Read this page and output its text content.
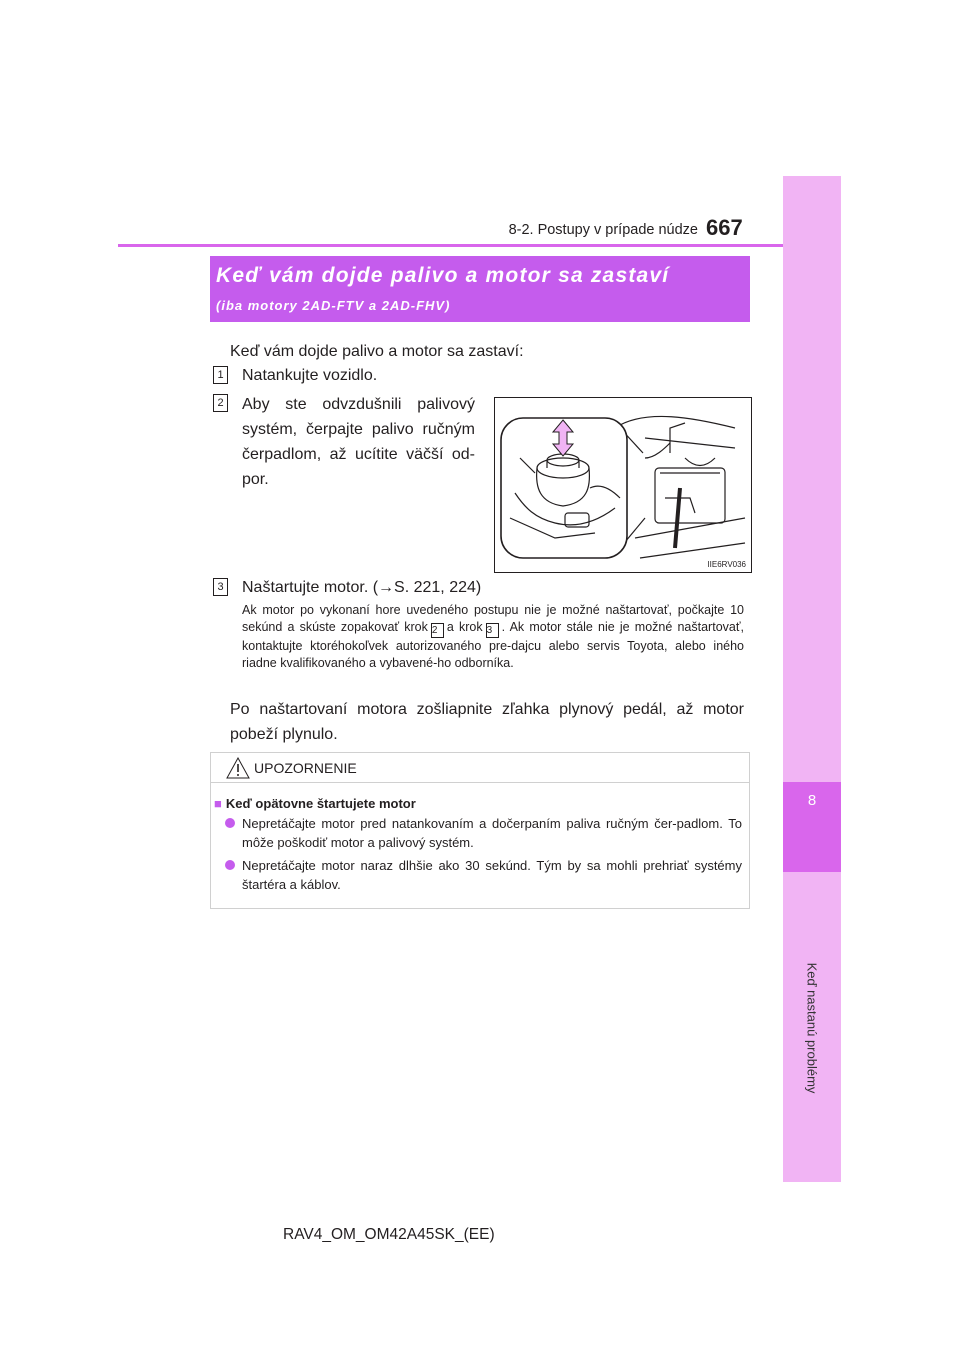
8
Keď nastanú problémy
8-2. Postupy v prípade núdze 667
Keď vám dojde palivo a motor sa zastaví
(iba motory 2AD-FTV a 2AD-FHV)
Keď vám dojde palivo a motor sa zastaví:
1 Natankujte vozidlo.
2 Aby ste odvzdušnili palivový systém, čerpajte palivo ručným čerpadlom, až ucítite väčší od-por.
IIE6RV036
3 Naštartujte motor. (→S. 221, 224)
Ak motor po vykonaní hore uvedeného postupu nie je možné naštartovať, počkajte 10 sekúnd a skúste zopakovať krok 2 a krok 3 . Ak motor stále nie je možné naštartovať, kontaktujte ktoréhokoľvek autorizovaného pre-dajcu alebo servis Toyota, alebo iného riadne kvalifikovaného a vybavené-ho odborníka.
Po naštartovaní motora zošliapnite zľahka plynový pedál, až motor pobeží plynulo.
UPOZORNENIE
■ Keď opätovne štartujete motor
Nepretáčajte motor pred natankovaním a dočerpaním paliva ručným čer-padlom. To môže poškodiť motor a palivový systém.
Nepretáčajte motor naraz dlhšie ako 30 sekúnd. Tým by sa mohli prehriať systémy štartéra a káblov.
RAV4_OM_OM42A45SK_(EE)
